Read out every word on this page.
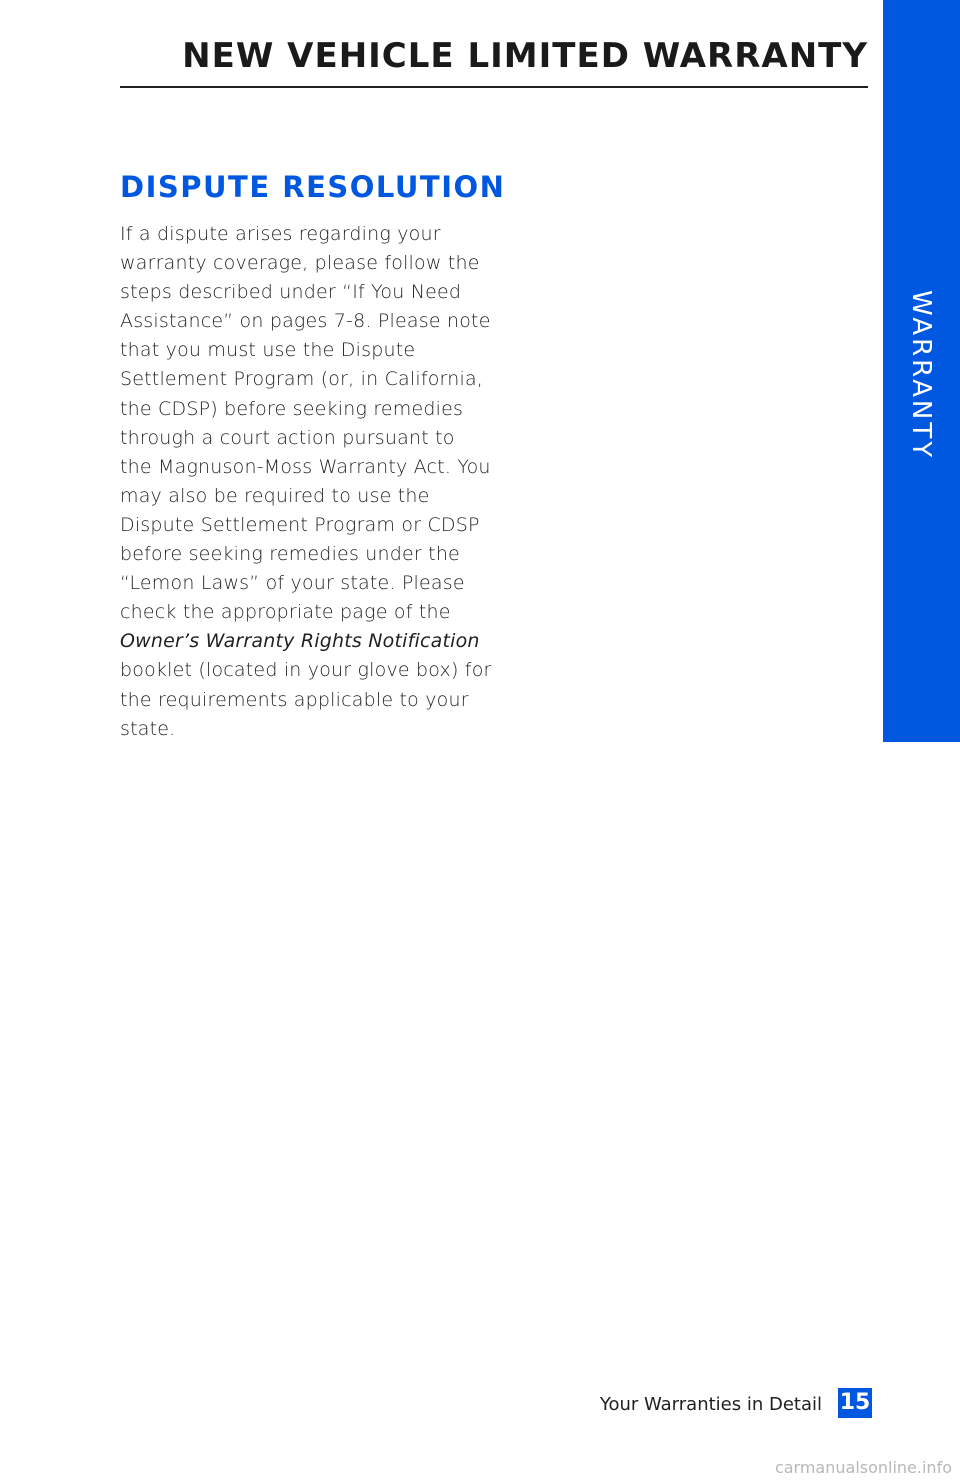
NEW VEHICLE LIMITED WARRANTY
WARRANTY
DISPUTE RESOLUTION

If a dispute arises regarding your warranty coverage, please follow the steps described under “If You Need Assistance” on pages 7-8. Please note that you must use the Dispute Settlement Program (or, in California, the CDSP) before seeking remedies through a court action pursuant to the Magnuson-Moss Warranty Act. You may also be required to use the Dispute Settlement Program or CDSP before seeking remedies under the “Lemon Laws” of your state. Please check the appropriate page of the Owner’s Warranty Rights Notification booklet (located in your glove box) for the requirements applicable to your state.

Your Warranties in Detail 15
carmanualsonline.info
